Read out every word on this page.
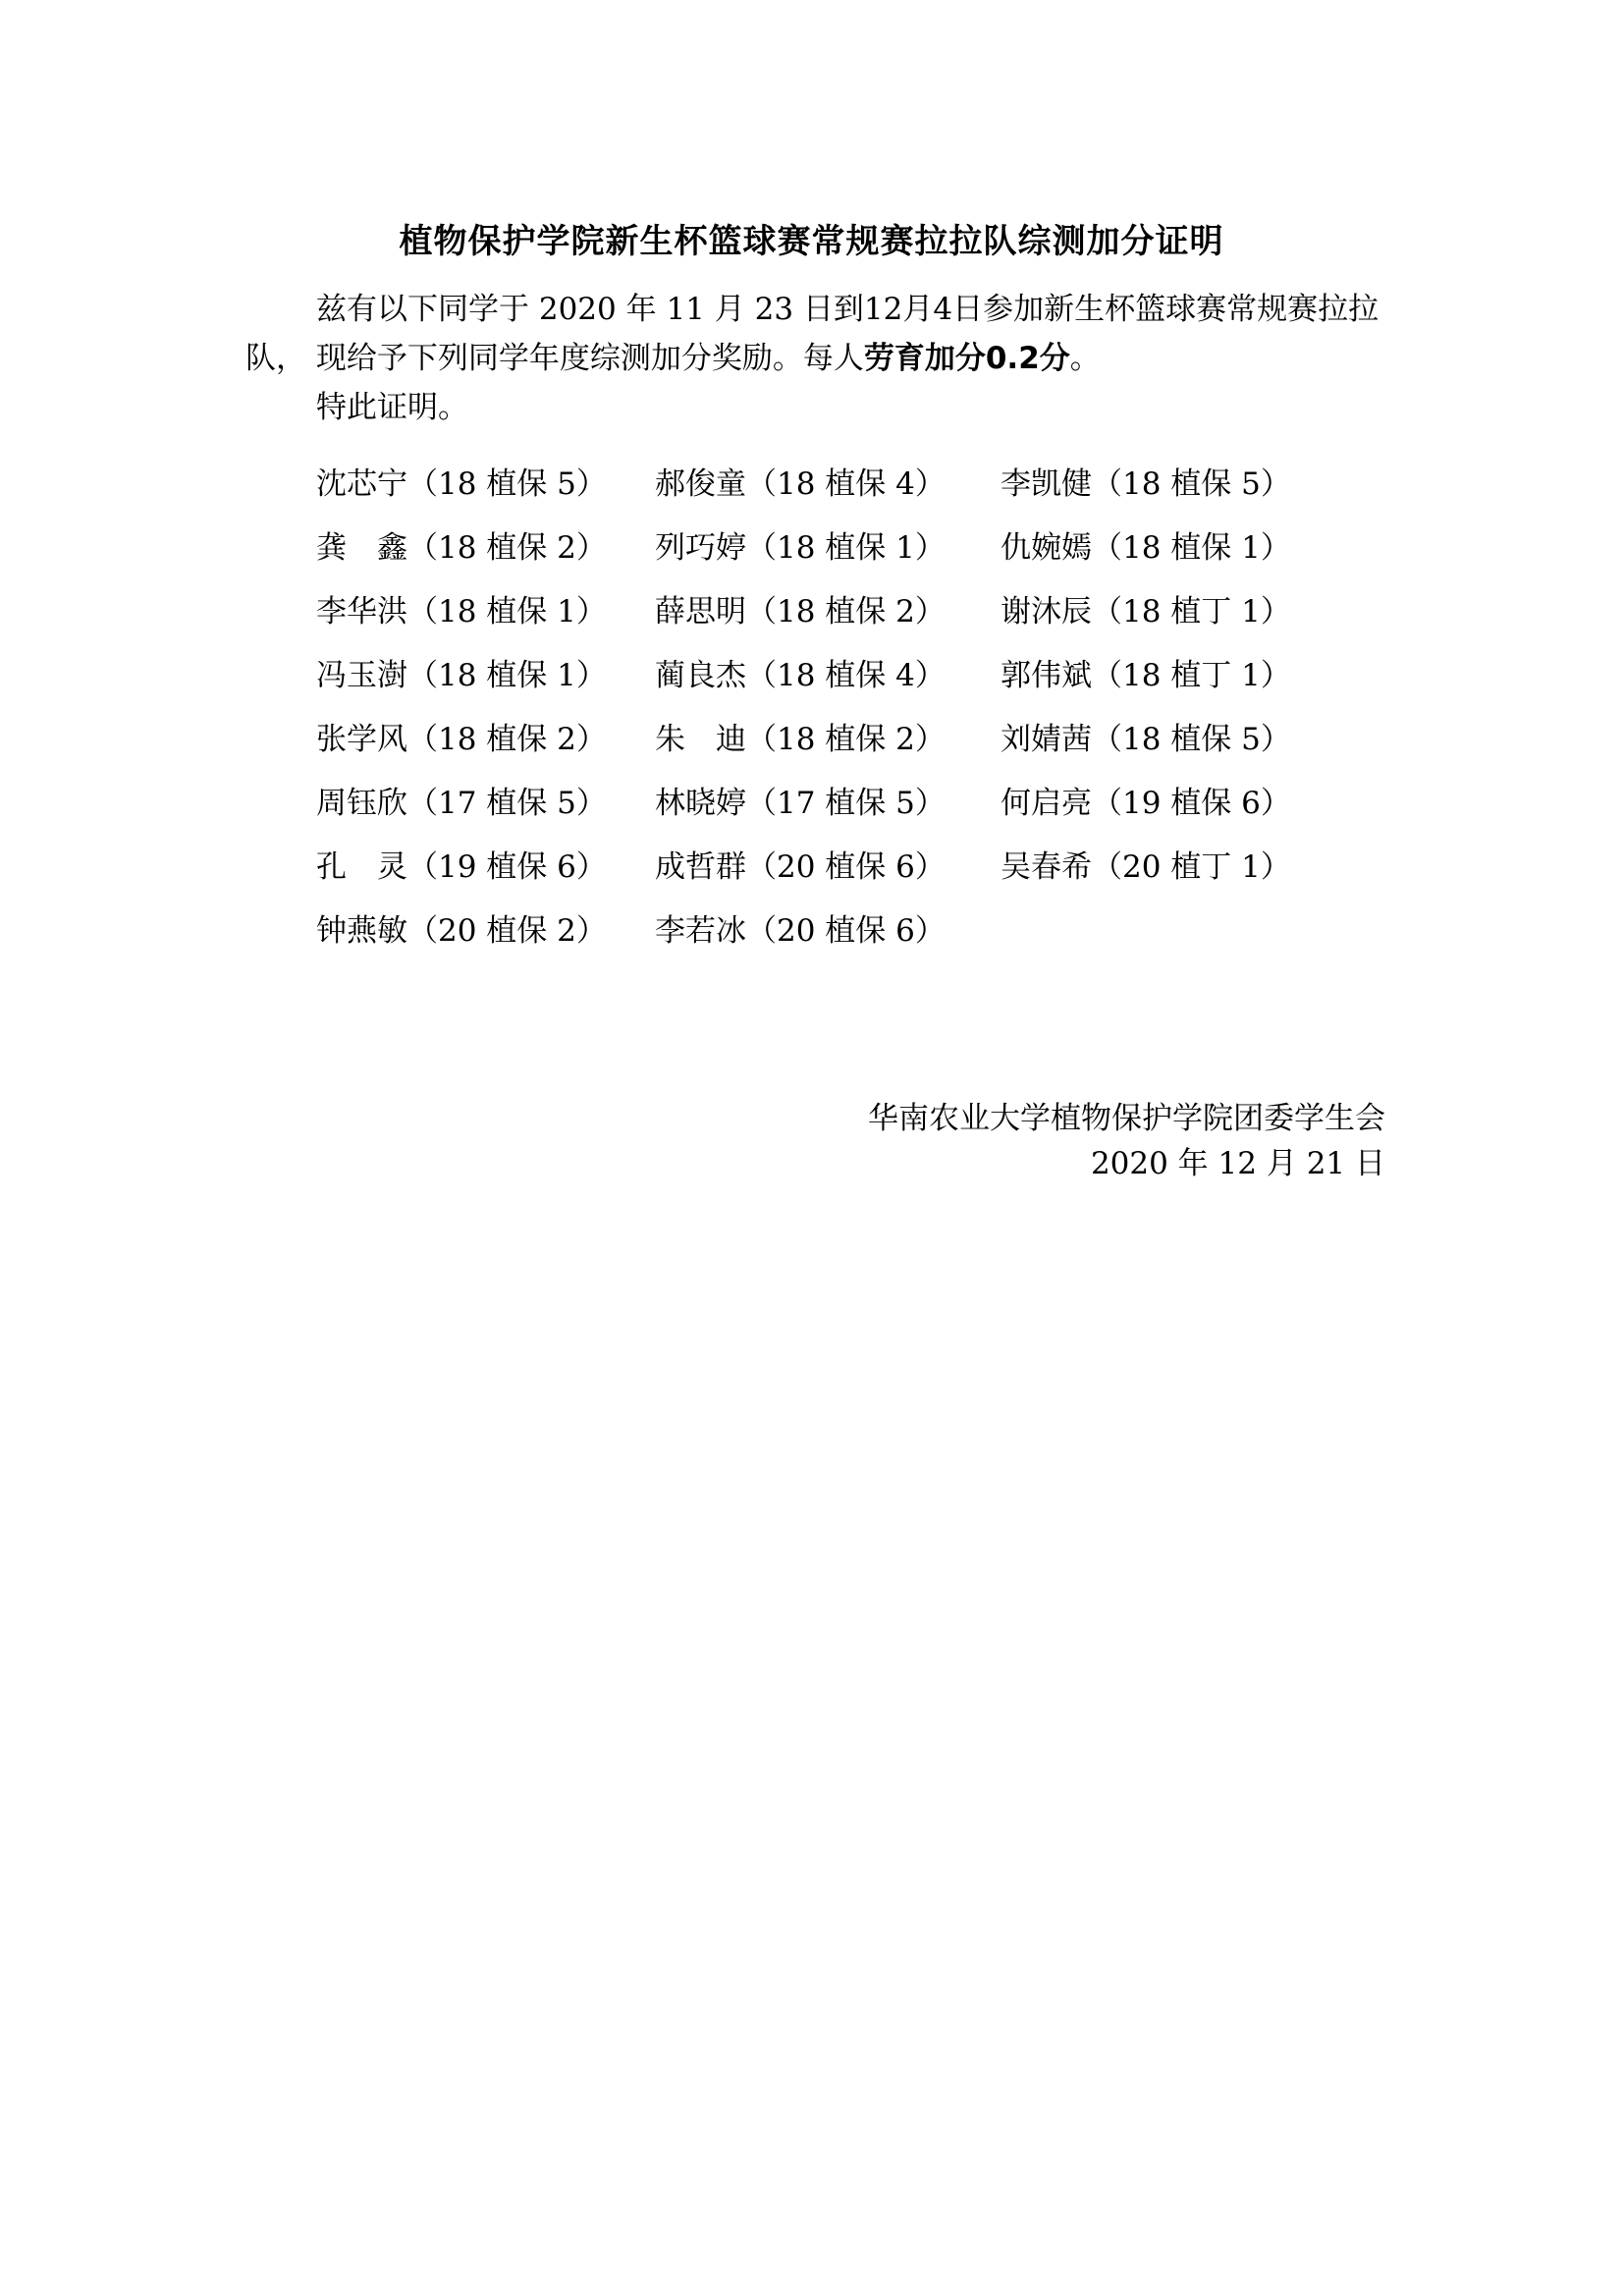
植物保护学院新生杯篮球赛常规赛拉拉队综测加分证明
兹有以下同学于 2020 年 11 月 23 日到12月4日参加新生杯篮球赛常规赛拉拉队， 现给予下列同学年度综测加分奖励。每人劳育加分0.2分。
特此证明。
沈芯宁（18 植保 5）	郝俊童（18 植保 4）	李凯健（18 植保 5）
龚　鑫（18 植保 2）	列巧婷（18 植保 1）	仇婉嫣（18 植保 1）
李华洪（18 植保 1）	薛思明（18 植保 2）	谢沐辰（18 植丁 1）
冯玉澍（18 植保 1）	蔺良杰（18 植保 4）	郭伟斌（18 植丁 1）
张学风（18 植保 2）	朱　迪（18 植保 2）	刘婧茜（18 植保 5）
周钰欣（17 植保 5）	林晓婷（17 植保 5）	何启亮（19 植保 6）
孔　灵（19 植保 6）	成哲群（20 植保 6）	吴春希（20 植丁 1）
钟燕敏（20 植保 2）	李若冰（20 植保 6）
华南农业大学植物保护学院团委学生会
2020 年 12 月 21 日
